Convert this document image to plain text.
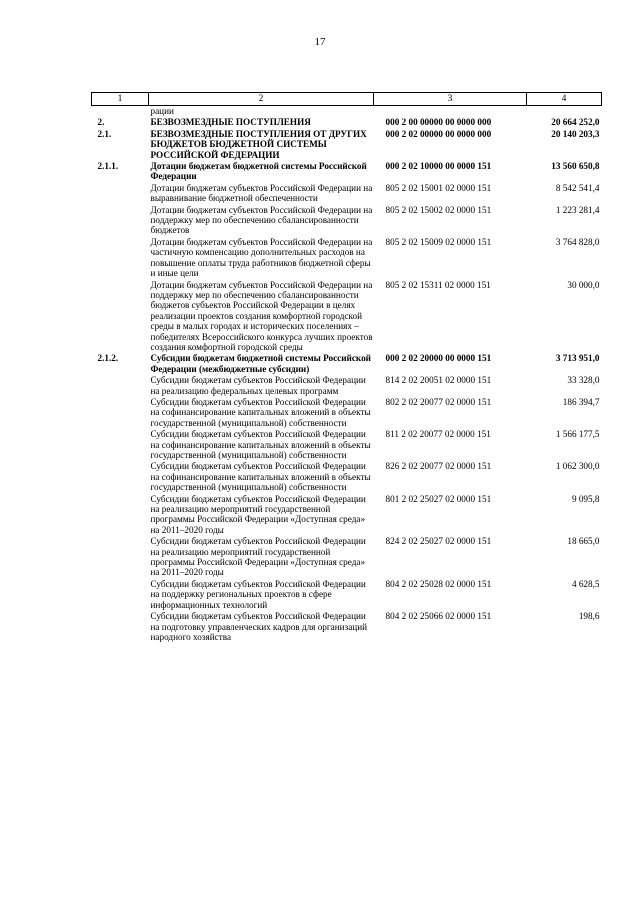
17
1	2	3	4
	рации		
2.	БЕЗВОЗМЕЗДНЫЕ ПОСТУПЛЕНИЯ	000 2 00 00000 00 0000 000	20 664 252,0
2.1.	БЕЗВОЗМЕЗДНЫЕ ПОСТУПЛЕНИЯ ОТ ДРУГИХ БЮДЖЕТОВ БЮДЖЕТНОЙ СИСТЕМЫ РОССИЙСКОЙ ФЕДЕРАЦИИ	000 2 02 00000 00 0000 000	20 140 203,3
2.1.1.	Дотации бюджетам бюджетной системы Российской Федерации	000 2 02 10000 00 0000 151	13 560 650,8
	Дотации бюджетам субъектов Российской Федерации на выравнивание бюджетной обеспеченности	805 2 02 15001 02 0000 151	8 542 541,4
	Дотации бюджетам субъектов Российской Федерации на поддержку мер по обеспечению сбалансированности бюджетов	805 2 02 15002 02 0000 151	1 223 281,4
	Дотации бюджетам субъектов Российской Федерации на частичную компенсацию дополнительных расходов на повышение оплаты труда работников бюджетной сферы и иные цели	805 2 02 15009 02 0000 151	3 764 828,0
	Дотации бюджетам субъектов Российской Федерации на поддержку мер по обеспечению сбалансированности бюджетов субъектов Российской Федерации в целях реализации проектов создания комфортной городской среды в малых городах и исторических поселениях – победителях Всероссийского конкурса лучших проектов создания комфортной городской среды	805 2 02 15311 02 0000 151	30 000,0
2.1.2.	Субсидии бюджетам бюджетной системы Российской Федерации (межбюджетные субсидии)	000 2 02 20000 00 0000 151	3 713 951,0
	Субсидии бюджетам субъектов Российской Федерации на реализацию федеральных целевых программ	814 2 02 20051 02 0000 151	33 328,0
	Субсидии бюджетам субъектов Российской Федерации на софинансирование капитальных вложений в объекты государственной (муниципальной) собственности	802 2 02 20077 02 0000 151	186 394,7
	Субсидии бюджетам субъектов Российской Федерации на софинансирование капитальных вложений в объекты государственной (муниципальной) собственности	811 2 02 20077 02 0000 151	1 566 177,5
	Субсидии бюджетам субъектов Российской Федерации на софинансирование капитальных вложений в объекты государственной (муниципальной) собственности	826 2 02 20077 02 0000 151	1 062 300,0
	Субсидии бюджетам субъектов Российской Федерации на реализацию мероприятий государственной программы Российской Федерации «Доступная среда» на 2011–2020 годы	801 2 02 25027 02 0000 151	9 095,8
	Субсидии бюджетам субъектов Российской Федерации на реализацию мероприятий государственной программы Российской Федерации «Доступная среда» на 2011–2020 годы	824 2 02 25027 02 0000 151	18 665,0
	Субсидии бюджетам субъектов Российской Федерации на поддержку региональных проектов в сфере информационных технологий	804 2 02 25028 02 0000 151	4 628,5
	Субсидии бюджетам субъектов Российской Федерации на подготовку управленческих кадров для организаций народного хозяйства	804 2 02 25066 02 0000 151	198,6
